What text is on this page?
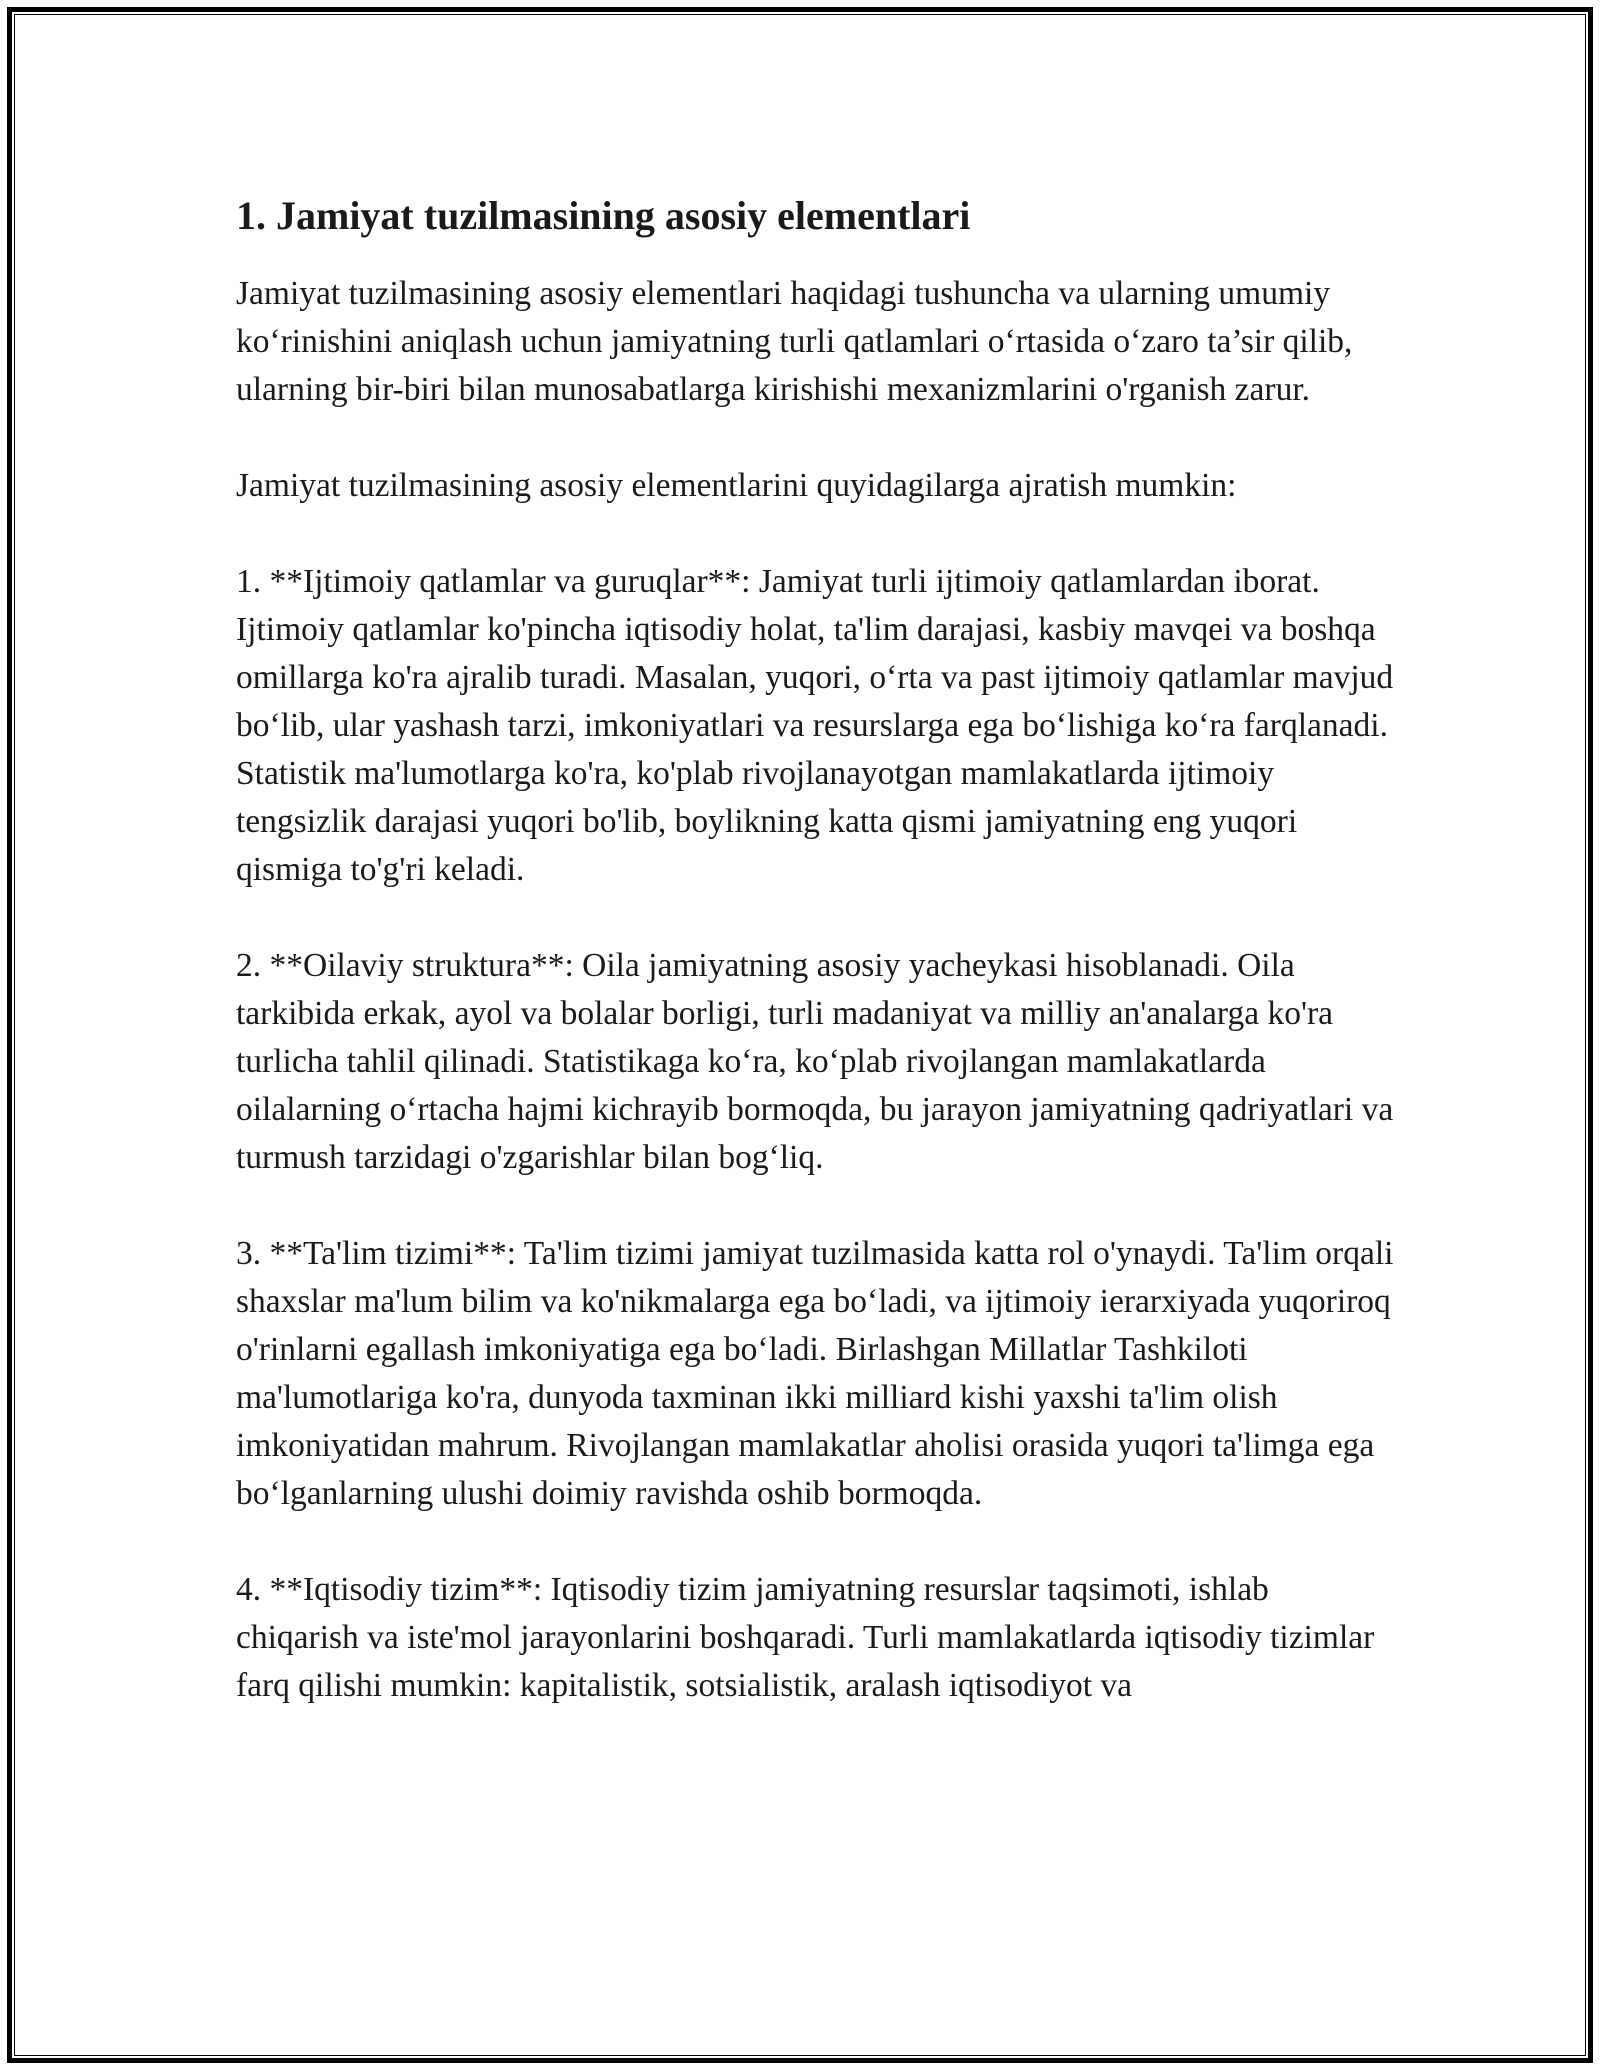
1. Jamiyat tuzilmasining asosiy elementlari

Jamiyat tuzilmasining asosiy elementlari haqidagi tushuncha va ularning umumiy ko‘rinishini aniqlash uchun jamiyatning turli qatlamlari o‘rtasida o‘zaro ta’sir qilib, ularning bir-biri bilan munosabatlarga kirishishi mexanizmlarini o'rganish zarur.

Jamiyat tuzilmasining asosiy elementlarini quyidagilarga ajratish mumkin:

1. **Ijtimoiy qatlamlar va guruqlar**: Jamiyat turli ijtimoiy qatlamlardan iborat. Ijtimoiy qatlamlar ko'pincha iqtisodiy holat, ta'lim darajasi, kasbiy mavqei va boshqa omillarga ko'ra ajralib turadi. Masalan, yuqori, o‘rta va past ijtimoiy qatlamlar mavjud bo‘lib, ular yashash tarzi, imkoniyatlari va resurslarga ega bo‘lishiga ko‘ra farqlanadi. Statistik ma'lumotlarga ko'ra, ko'plab rivojlanayotgan mamlakatlarda ijtimoiy tengsizlik darajasi yuqori bo'lib, boylikning katta qismi jamiyatning eng yuqori qismiga to'g'ri keladi.

2. **Oilaviy struktura**: Oila jamiyatning asosiy yacheykasi hisoblanadi. Oila tarkibida erkak, ayol va bolalar borligi, turli madaniyat va milliy an'analarga ko'ra turlicha tahlil qilinadi. Statistikaga ko‘ra, ko‘plab rivojlangan mamlakatlarda oilalarning o‘rtacha hajmi kichrayib bormoqda, bu jarayon jamiyatning qadriyatlari va turmush tarzidagi o'zgarishlar bilan bog‘liq.

3. **Ta'lim tizimi**: Ta'lim tizimi jamiyat tuzilmasida katta rol o'ynaydi. Ta'lim orqali shaxslar ma'lum bilim va ko'nikmalarga ega bo‘ladi, va ijtimoiy ierarxiyada yuqoriroq o'rinlarni egallash imkoniyatiga ega bo‘ladi. Birlashgan Millatlar Tashkiloti ma'lumotlariga ko'ra, dunyoda taxminan ikki milliard kishi yaxshi ta'lim olish imkoniyatidan mahrum. Rivojlangan mamlakatlar aholisi orasida yuqori ta'limga ega bo‘lganlarning ulushi doimiy ravishda oshib bormoqda.

4. **Iqtisodiy tizim**: Iqtisodiy tizim jamiyatning resurslar taqsimoti, ishlab chiqarish va iste'mol jarayonlarini boshqaradi. Turli mamlakatlarda iqtisodiy tizimlar farq qilishi mumkin: kapitalistik, sotsialistik, aralash iqtisodiyot va
